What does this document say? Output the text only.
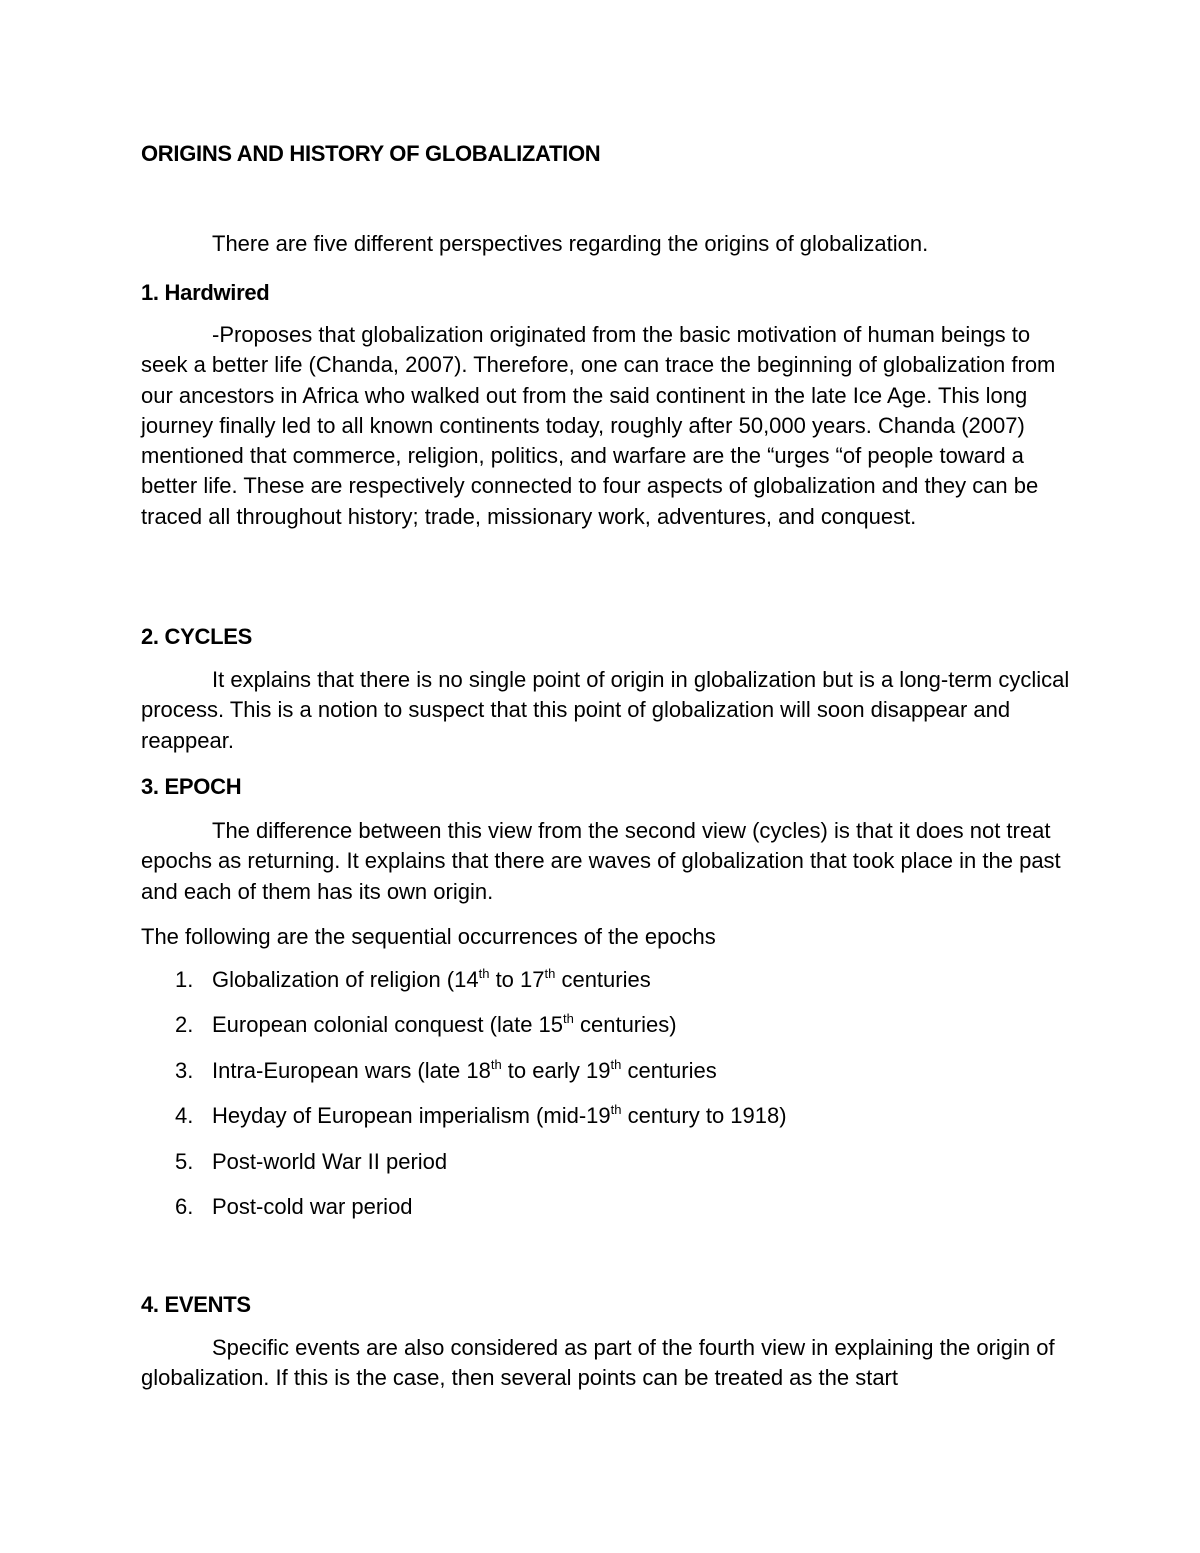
ORIGINS AND HISTORY OF GLOBALIZATION
There are five different perspectives regarding the origins of globalization.
1. Hardwired

-Proposes that globalization originated from the basic motivation of human beings to seek a better life (Chanda, 2007). Therefore, one can trace the beginning of globalization from our ancestors in Africa who walked out from the said continent in the late Ice Age. This long journey finally led to all known continents today, roughly after 50,000 years. Chanda (2007) mentioned that commerce, religion, politics, and warfare are the “urges “of people toward a better life. These are respectively connected to four aspects of globalization and they can be traced all throughout history; trade, missionary work, adventures, and conquest.

2. CYCLES

It explains that there is no single point of origin in globalization but is a long-term cyclical process. This is a notion to suspect that this point of globalization will soon disappear and reappear.

3. EPOCH

The difference between this view from the second view (cycles) is that it does not treat epochs as returning. It explains that there are waves of globalization that took place in the past and each of them has its own origin.

The following are the sequential occurrences of the epochs
1. Globalization of religion (14th to 17th centuries
2. European colonial conquest (late 15th centuries)
3. Intra-European wars (late 18th to early 19th centuries
4. Heyday of European imperialism (mid-19th century to 1918)
5. Post-world War II period
6. Post-cold war period
4. EVENTS

Specific events are also considered as part of the fourth view in explaining the origin of globalization. If this is the case, then several points can be treated as the start
